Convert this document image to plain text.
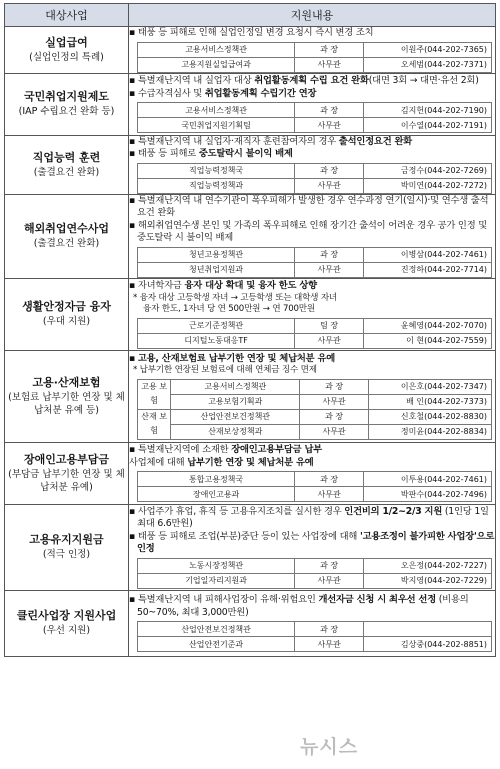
대상사업	지원내용

실업급여
(실업인정의 특례)

▪ 태풍 등 피해로 인해 실업인정일 변경 요청시 즉시 변경 조치
고용서비스정책관	과 장	이원주(044-202-7365)
고용지원실업급여과	사무관	오세범(044-202-7371)

국민취업지원제도
(IAP 수립요건 완화 등)

▪ 특별재난지역 내 실업자 대상 취업활동계획 수립 요건 완화(대면 3회 → 대면·유선 2회)
▪ 수급자격심사 및 취업활동계획 수립기간 연장
고용서비스정책관	과 장	김지헌(044-202-7190)
국민취업지원기획팀	사무관	이수열(044-202-7191)

직업능력 훈련
(출결요건 완화)

▪ 특별재난지역 내 실업자·재직자 훈련참여자의 경우 출석인정요건 완화
▪ 태풍 등 피해로 중도탈락시 불이익 배제
직업능력정책국	과 장	금정수(044-202-7269)
직업능력정책과	사무관	박미연(044-202-7272)

해외취업연수사업
(출결요건 완화)

▪ 특별재난지역 내 연수기관이 폭우피해가 발생한 경우 연수과정 연기(일시)·및 연수생 출석 요건 완화
▪ 해외취업연수생 본인 및 가족의 폭우피해로 인해 장기간 출석이 어려운 경우 공가 인정 및 중도탈락 시 불이익 배제
청년고용정책관	과 장	이병삼(044-202-7461)
청년취업지원과	사무관	진정하(044-202-7714)

생활안정자금 융자
(우대 지원)

▪ 자녀학자금 융자 대상 확대 및 융자 한도 상향
* 융자 대상 고등학생 자녀 → 고등학생 또는 대학생 자녀
융자 한도, 1자녀 당 연 500만원 → 연 700만원
근로기준정책관	팀 장	윤혜영(044-202-7070)
디지털노동대응TF	사무관	이 현(044-202-7559)

고용·산재보험
(보험료 납부기한 연장 및 체납처분 유예 등)

▪ 고용, 산재보험료 납부기한 연장 및 체납처분 유예
* 납부기한 연장된 보험료에 대해 연체금 징수 면제
고용 보험	고용서비스정책관	과 장	이은호(044-202-7347)
고용보험기획과	사무관	배 인(044-202-7373)
산재 보험	산업안전보건정책관	과 장	신호철(044-202-8830)
산재보상정책과	사무관	정미윤(044-202-8834)

장애인고용부담금
(부담금 납부기한 연장 및 체납처분 유예)

▪ 특별재난지역에 소재한 장애인고용부담금 납부
사업체에 대해 납부기한 연장 및 체납처분 유예
통합고용정책국	과 장	이투용(044-202-7461)
장애인고용과	사무관	박판수(044-202-7496)

고용유지지원금
(적극 인정)

▪ 사업주가 휴업, 휴직 등 고용유지조치를 실시한 경우 인건비의 1/2~2/3 지원 (1인당 1일 최대 6.6만원)
▪ 태풍 등 피해로 조업(부분)중단 등이 있는 사업장에 대해 '고용조정이 불가피한 사업장'으로 인정
노동시장정책관	과 장	오은정(044-202-7227)
기업일자리지원과	사무관	박지영(044-202-7229)

클린사업장 지원사업
(우선 지원)

▪ 특별재난지역 내 피해사업장이 유해·위험요인 개선자금 신청 시 최우선 선정 (비용의 50~70%, 최대 3,000만원)
산업안전보건정책관	과 장	
산업안전기준과	사무관	김상중(044-202-8851)
뉴시스
